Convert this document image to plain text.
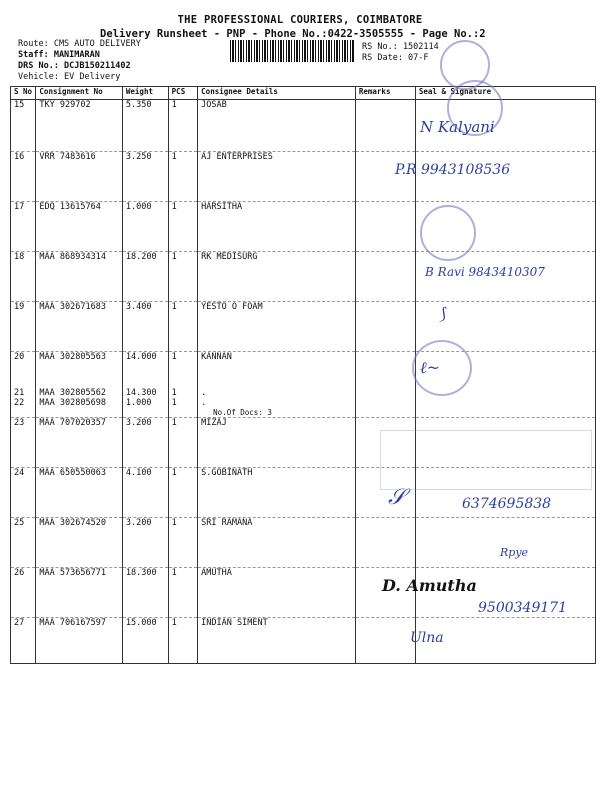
THE PROFESSIONAL COURIERS, COIMBATORE
Delivery Runsheet - PNP - Phone No.:0422-3505555 - Page No.:2
Route: CMS AUTO DELIVERY
Staff: MANIMARAN
DRS No.: DCJB150211402
Vehicle: EV Delivery
RS No.: 1502114
RS Date: 07-F
S No	Consignment No	Weight	PCS	Consignee Details	Remarks	Seal & Signature
15	TKY 929702	5.350	1	JOSAB		
16	VRR 7483616	3.250	1	AJ ENTERPRISES		
17	EDQ 13615764	1.000	1	HARSITHA		
18	MAA 868934314	18.200	1	RK MEDISURG		
19	MAA 302671683	3.400	1	YESTO O FOAM		
20	MAA 302805563	14.000	1	KANNAN		
21	MAA 302805562	14.300	1	.		
22	MAA 302805698	1.000	1	.
No.Of Docs: 3		

23	MAA 707020357	3.200	1	MIZAJ		
24	MAA 650550063	4.100	1	S.GOBINATH		
25	MAA 302674520	3.200	1	SRI RAMANA		
26	MAA 573656771	18.300	1	AMUTHA		
27	MAA 706167597	15.000	1	INDIAN SIMENT		
N Kalyani
P.R 9943108536
B Ravi 9843410307
⟆
ℓ~
𝒮	6374695838
Rpye
D. Amutha
9500349171
Ulna
